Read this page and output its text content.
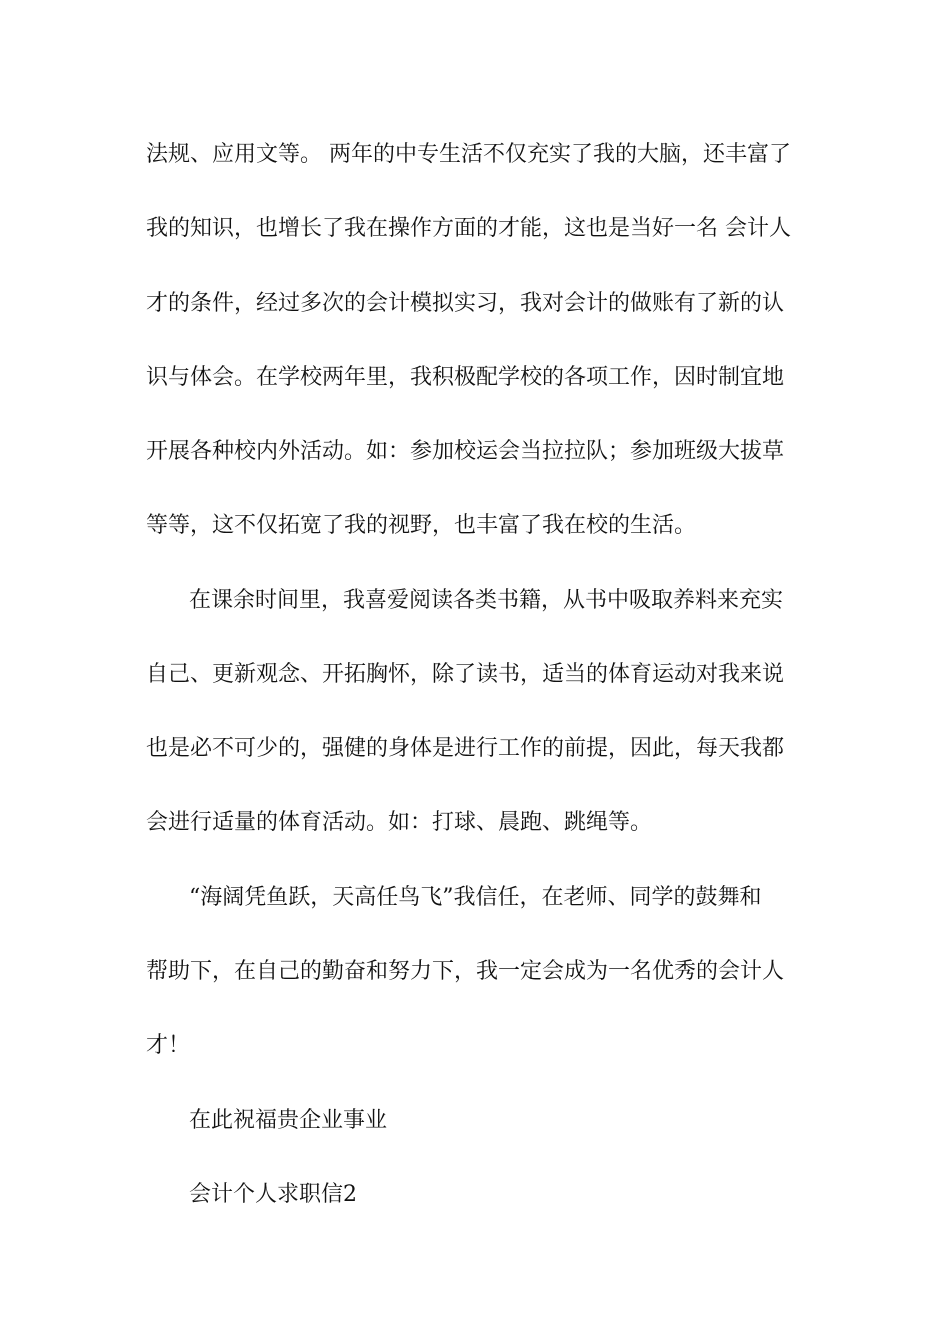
法规、应用文等。 两年的中专生活不仅充实了我的大脑，还丰富了
我的知识，也增长了我在操作方面的才能，这也是当好一名 会计人
才的条件，经过多次的会计模拟实习，我对会计的做账有了新的认
识与体会。在学校两年里，我积极配学校的各项工作，因时制宜地
开展各种校内外活动。如：参加校运会当拉拉队；参加班级大拔草
等等，这不仅拓宽了我的视野，也丰富了我在校的生活。
在课余时间里，我喜爱阅读各类书籍，从书中吸取养料来充实
自己、更新观念、开拓胸怀，除了读书，适当的体育运动对我来说
也是必不可少的，强健的身体是进行工作的前提，因此，每天我都
会进行适量的体育活动。如：打球、晨跑、跳绳等。
“海阔凭鱼跃，天高任鸟飞”我信任，在老师、同学的鼓舞和
帮助下，在自己的勤奋和努力下，我一定会成为一名优秀的会计人
才！
在此祝福贵企业事业
会计个人求职信2
